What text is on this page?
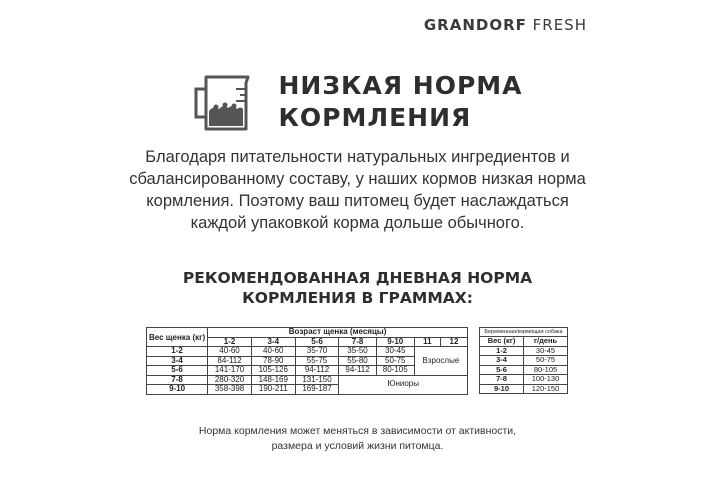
GRANDORF FRESH
НИЗКАЯ НОРМА
КОРМЛЕНИЯ
Благодаря питательности натуральных ингредиентов и
сбалансированному составу, у наших кормов низкая норма
кормления. Поэтому ваш питомец будет наслаждаться
каждой упаковкой корма дольше обычного.
РЕКОМЕНДОВАННАЯ ДНЕВНАЯ НОРМА
КОРМЛЕНИЯ В ГРАММАХ:
Вес щенка (кг)	Возраст щенка (месяцы)						
	1-2	3-4	5-6	7-8	9-10	11	12
1-2	40-60	40-60	35-70	35-50	30-45	Взрослые	
3-4	84-112	78-90	55-75	55-80	50-75		
5-6	141-170	105-126	94-112	94-112	80-105		
7-8	280-320	148-169	131-150	Юниоры			
9-10	358-398	190-211	169-187				
Беременная/кормящая собака	
Вес (кг)	г/день
1-2	30-45
3-4	50-75
5-6	80-105
7-8	100-130
9-10	120-150
Норма кормления может меняться в зависимости от активности,
размера и условий жизни питомца.
